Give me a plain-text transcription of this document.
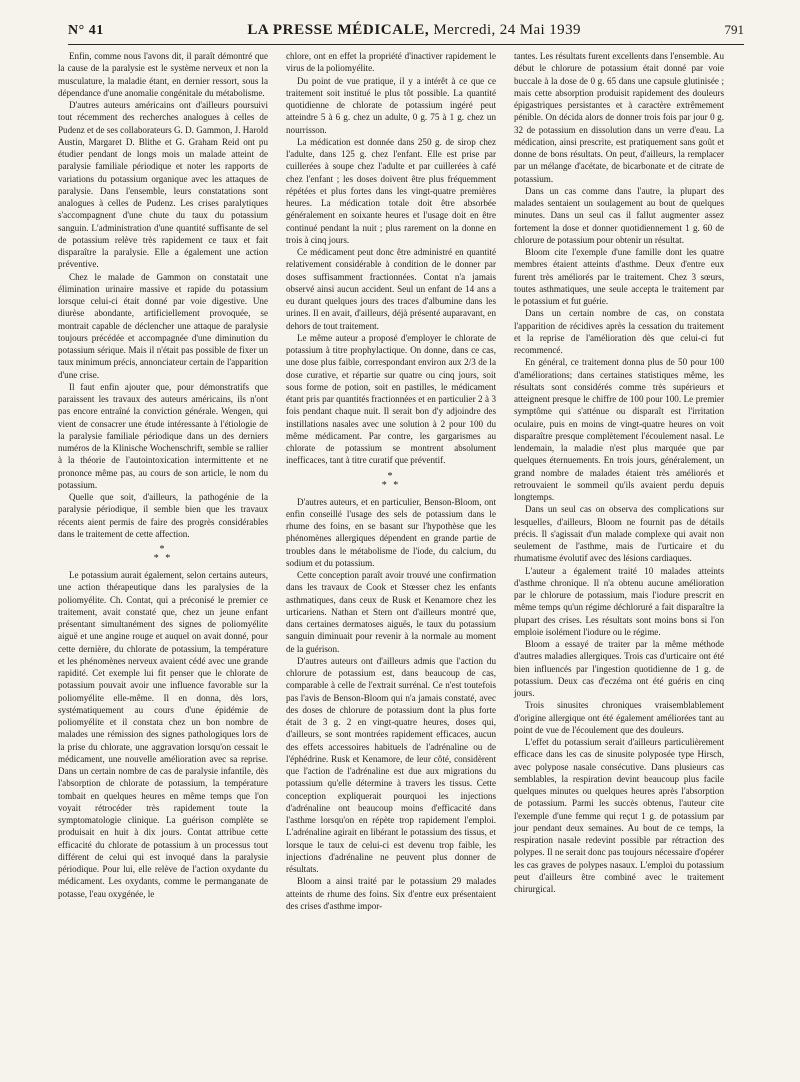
N° 41	LA PRESSE MÉDICALE, Mercredi, 24 Mai 1939	791

Enfin, comme nous l'avons dit, il paraît démontré que la cause de la paralysie est le système nerveux et non la musculature, la maladie étant, en dernier ressort, sous la dépendance d'une anomalie congénitale du métabolisme.

D'autres auteurs américains ont d'ailleurs poursuivi tout récemment des recherches analogues à celles de Pudenz et de ses collaborateurs G. D. Gammon, J. Harold Austin, Margaret D. Blithe et G. Graham Reid ont pu étudier pendant de longs mois un malade atteint de paralysie familiale périodique et noter les rapports de variations du potassium organique avec les attaques de paralysie. Dans l'ensemble, leurs constatations sont analogues à celles de Pudenz. Les crises paralytiques s'accompagnent d'une chute du taux du potassium sanguin. L'administration d'une quantité suffisante de sel de potassium relève très rapidement ce taux et fait disparaître la paralysie. Elle a également une action préventive.

Chez le malade de Gammon on constatait une élimination urinaire massive et rapide du potassium lorsque celui-ci était donné par voie digestive. Une diurèse abondante, artificiellement provoquée, se montrait capable de déclencher une attaque de paralysie toujours précédée et accompagnée d'une diminution du potassium sérique. Mais il n'était pas possible de fixer un taux minimum précis, annonciateur certain de l'apparition d'une crise.

Il faut enfin ajouter que, pour démonstratifs que paraissent les travaux des auteurs américains, ils n'ont pas encore entraîné la conviction générale. Wengen, qui vient de consacrer une étude intéressante à l'étiologie de la paralysie familiale périodique dans un des derniers numéros de la Klinische Wochenschrift, semble se rallier à la théorie de l'autointoxication intermittente et ne prononce même pas, au cours de son article, le nom du potassium.

Quelle que soit, d'ailleurs, la pathogénie de la paralysie périodique, il semble bien que les travaux récents aient permis de faire des progrès considérables dans le traitement de cette affection.

*
* *

Le potassium aurait également, selon certains auteurs, une action thérapeutique dans les paralysies de la poliomyélite. Ch. Contat, qui a préconisé le premier ce traitement, avait constaté que, chez un jeune enfant présentant simultanément des signes de poliomyélite aiguë et une angine rouge et auquel on avait donné, pour cette dernière, du chlorate de potassium, la température et les phénomènes nerveux avaient cédé avec une grande rapidité. Cet exemple lui fit penser que le chlorate de potassium pouvait avoir une influence favorable sur la poliomyélite elle-même. Il en donna, dès lors, systématiquement au cours d'une épidémie de poliomyélite et il constata chez un bon nombre de malades une rémission des signes pathologiques lors de la prise du chlorate, une aggravation lorsqu'on cessait le médicament, une nouvelle amélioration avec sa reprise. Dans un certain nombre de cas de paralysie infantile, dès l'absorption de chlorate de potassium, la température tombait en quelques heures en même temps que l'on voyait rétrocéder très rapidement toute la symptomatologie clinique. La guérison complète se produisait en huit à dix jours. Contat attribue cette efficacité du chlorate de potassium à un processus tout différent de celui qui est invoqué dans la paralysie périodique. Pour lui, elle relève de l'action oxydante du médicament. Les oxydants, comme le permanganate de potasse, l'eau oxygénée, le

chlore, ont en effet la propriété d'inactiver rapidement le virus de la poliomyélite.

Du point de vue pratique, il y a intérêt à ce que ce traitement soit institué le plus tôt possible. La quantité quotidienne de chlorate de potassium ingéré peut atteindre 5 à 6 g. chez un adulte, 0 g. 75 à 1 g. chez un nourrisson.

La médication est donnée dans 250 g. de sirop chez l'adulte, dans 125 g. chez l'enfant. Elle est prise par cuillerées à soupe chez l'adulte et par cuillerées à café chez l'enfant ; les doses doivent être plus fréquemment répétées et plus fortes dans les vingt-quatre premières heures. La médication totale doit être absorbée généralement en soixante heures et l'usage doit en être continué pendant la nuit ; plus rarement on la donne en trois à cinq jours.

Ce médicament peut donc être administré en quantité relativement considérable à condition de le donner par doses suffisamment fractionnées. Contat n'a jamais observé ainsi aucun accident. Seul un enfant de 14 ans a eu durant quelques jours des traces d'albumine dans les urines. Il en avait, d'ailleurs, déjà présenté auparavant, en dehors de tout traitement.

Le même auteur a proposé d'employer le chlorate de potassium à titre prophylactique. On donne, dans ce cas, une dose plus faible, correspondant environ aux 2/3 de la dose curative, et répartie sur quatre ou cinq jours, soit sous forme de potion, soit en pastilles, le médicament étant pris par quantités fractionnées et en particulier 2 à 3 fois pendant chaque nuit. Il serait bon d'y adjoindre des instillations nasales avec une solution à 2 pour 100 du même médicament. Par contre, les gargarismes au chlorate de potassium se montrent absolument inefficaces, tant à titre curatif que préventif.

*
* *

D'autres auteurs, et en particulier, Benson-Bloom, ont enfin conseillé l'usage des sels de potassium dans le rhume des foins, en se basant sur l'hypothèse que les phénomènes allergiques dépendent en grande partie de troubles dans le métabolisme de l'iode, du calcium, du sodium et du potassium.

Cette conception paraît avoir trouvé une confirmation dans les travaux de Cook et Stœsser chez les enfants asthmatiques, dans ceux de Rusk et Kenamore chez les urticariens. Nathan et Stern ont d'ailleurs montré que, dans certaines dermatoses aiguës, le taux du potassium sanguin diminuait pour revenir à la normale au moment de la guérison.

D'autres auteurs ont d'ailleurs admis que l'action du chlorure de potassium est, dans beaucoup de cas, comparable à celle de l'extrait surrénal. Ce n'est toutefois pas l'avis de Benson-Bloom qui n'a jamais constaté, avec des doses de chlorure de potassium dont la plus forte était de 3 g. 2 en vingt-quatre heures, doses qui, d'ailleurs, se sont montrées rapidement efficaces, aucun des effets accessoires habituels de l'adrénaline ou de l'éphédrine. Rusk et Kenamore, de leur côté, considèrent que l'action de l'adrénaline est due aux migrations du potassium qu'elle détermine à travers les tissus. Cette conception expliquerait pourquoi les injections d'adrénaline ont beaucoup moins d'efficacité dans l'asthme lorsqu'on en répète trop rapidement l'emploi. L'adrénaline agirait en libérant le potassium des tissus, et lorsque le taux de celui-ci est devenu trop faible, les injections d'adrénaline ne peuvent plus donner de résultats.

Bloom a ainsi traité par le potassium 29 malades atteints de rhume des foins. Six d'entre eux présentaient des crises d'asthme impor-

tantes. Les résultats furent excellents dans l'ensemble. Au début le chlorure de potassium était donné par voie buccale à la dose de 0 g. 65 dans une capsule glutinisée ; mais cette absorption produisit rapidement des douleurs épigastriques persistantes et à caractère extrêmement pénible. On décida alors de donner trois fois par jour 0 g. 32 de potassium en dissolution dans un verre d'eau. La médication, ainsi prescrite, est pratiquement sans goût et donne de bons résultats. On peut, d'ailleurs, la remplacer par un mélange d'acétate, de bicarbonate et de citrate de potassium.

Dans un cas comme dans l'autre, la plupart des malades sentaient un soulagement au bout de quelques minutes. Dans un seul cas il fallut augmenter assez fortement la dose et donner quotidiennement 1 g. 60 de chlorure de potassium pour obtenir un résultat.

Bloom cite l'exemple d'une famille dont les quatre membres étaient atteints d'asthme. Deux d'entre eux furent très améliorés par le traitement. Chez 3 sœurs, toutes asthmatiques, une seule accepta le traitement par le potassium et fut guérie.

Dans un certain nombre de cas, on constata l'apparition de récidives après la cessation du traitement et la reprise de l'amélioration dès que celui-ci fut recommencé.

En général, ce traitement donna plus de 50 pour 100 d'améliorations; dans certaines statistiques même, les résultats sont considérés comme très supérieurs et atteignent presque le chiffre de 100 pour 100. Le premier symptôme qui s'atténue ou disparaît est l'irritation oculaire, puis en moins de vingt-quatre heures on voit disparaître presque complètement l'écoulement nasal. Le lendemain, la maladie n'est plus marquée que par quelques éternuements. En trois jours, généralement, un grand nombre de malades étaient très améliorés et retrouvaient le sommeil qu'ils avaient perdu depuis longtemps.

Dans un seul cas on observa des complications sur lesquelles, d'ailleurs, Bloom ne fournit pas de détails précis. Il s'agissait d'un malade complexe qui avait non seulement de l'asthme, mais de l'urticaire et du rhumatisme évolutif avec des lésions cardiaques.

L'auteur a également traité 10 malades atteints d'asthme chronique. Il n'a obtenu aucune amélioration par le chlorure de potassium, mais l'iodure prescrit en même temps qu'un régime déchloruré a fait disparaître la plupart des crises. Les résultats sont moins bons si l'on emploie isolément l'iodure ou le régime.

Bloom a essayé de traiter par la même méthode d'autres maladies allergiques. Trois cas d'urticaire ont été bien influencés par l'ingestion quotidienne de 1 g. de potassium. Deux cas d'eczéma ont été guéris en cinq jours.

Trois sinusites chroniques vraisemblablement d'origine allergique ont été également améliorées tant au point de vue de l'écoulement que des douleurs.

L'effet du potassium serait d'ailleurs particulièrement efficace dans les cas de sinusite polyposée type Hirsch, avec polypose nasale consécutive. Dans plusieurs cas semblables, la respiration devint beaucoup plus facile quelques minutes ou quelques heures après l'absorption de potassium. Parmi les succès obtenus, l'auteur cite l'exemple d'une femme qui reçut 1 g. de potassium par jour pendant deux semaines. Au bout de ce temps, la respiration nasale redevint possible par rétraction des polypes. Il ne serait donc pas toujours nécessaire d'opérer les cas graves de polypes nasaux. L'emploi du potassium peut d'ailleurs être combiné avec le traitement chirurgical.
